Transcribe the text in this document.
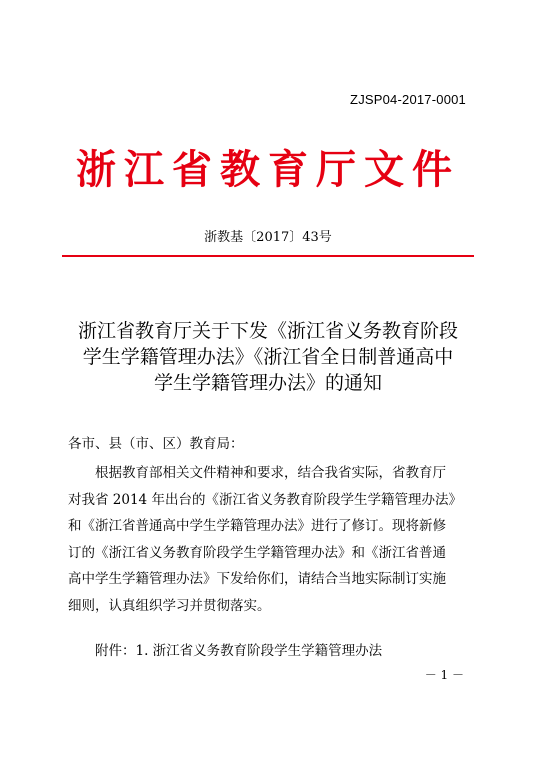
ZJSP04-2017-0001
浙江省教育厅文件
浙教基〔2017〕43号
浙江省教育厅关于下发《浙江省义务教育阶段
学生学籍管理办法》《浙江省全日制普通高中
学生学籍管理办法》的通知
各市、县（市、区）教育局：
　　根据教育部相关文件精神和要求，结合我省实际，省教育厅
对我省 2014 年出台的《浙江省义务教育阶段学生学籍管理办法》
和《浙江省普通高中学生学籍管理办法》进行了修订。现将新修
订的《浙江省义务教育阶段学生学籍管理办法》和《浙江省普通
高中学生学籍管理办法》下发给你们，请结合当地实际制订实施
细则，认真组织学习并贯彻落实。
附件：1. 浙江省义务教育阶段学生学籍管理办法
－ 1 －
